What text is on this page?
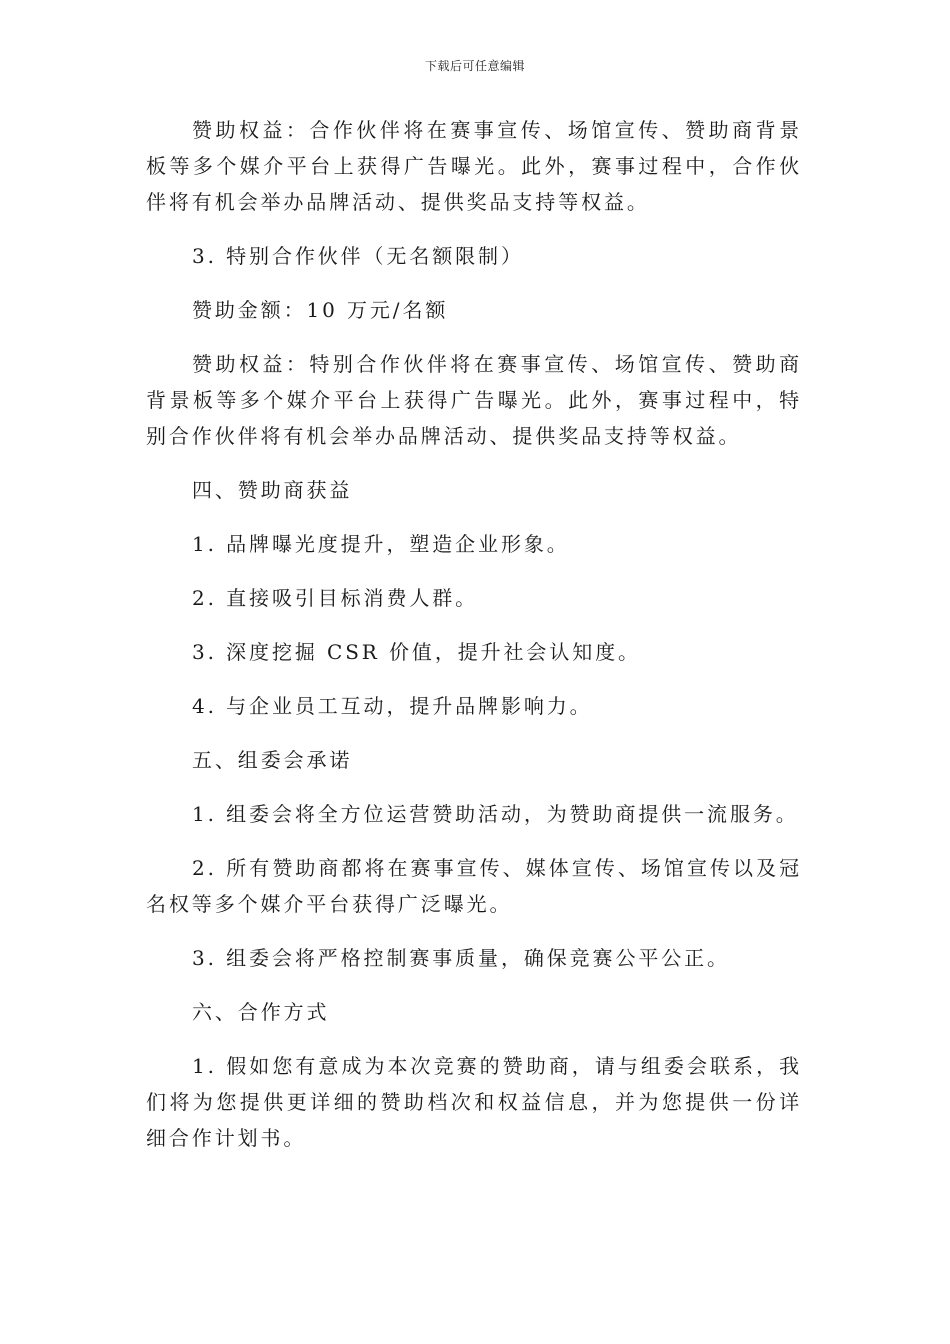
下载后可任意编辑

赞助权益：合作伙伴将在赛事宣传、场馆宣传、赞助商背景板等多个媒介平台上获得广告曝光。此外，赛事过程中，合作伙伴将有机会举办品牌活动、提供奖品支持等权益。

3. 特别合作伙伴（无名额限制）

赞助金额：10 万元/名额

赞助权益：特别合作伙伴将在赛事宣传、场馆宣传、赞助商背景板等多个媒介平台上获得广告曝光。此外，赛事过程中，特别合作伙伴将有机会举办品牌活动、提供奖品支持等权益。

四、赞助商获益

1. 品牌曝光度提升，塑造企业形象。

2. 直接吸引目标消费人群。

3. 深度挖掘 CSR 价值，提升社会认知度。

4. 与企业员工互动，提升品牌影响力。

五、组委会承诺

1. 组委会将全方位运营赞助活动，为赞助商提供一流服务。

2. 所有赞助商都将在赛事宣传、媒体宣传、场馆宣传以及冠名权等多个媒介平台获得广泛曝光。

3. 组委会将严格控制赛事质量，确保竞赛公平公正。

六、合作方式

1. 假如您有意成为本次竞赛的赞助商，请与组委会联系，我们将为您提供更详细的赞助档次和权益信息，并为您提供一份详细合作计划书。
